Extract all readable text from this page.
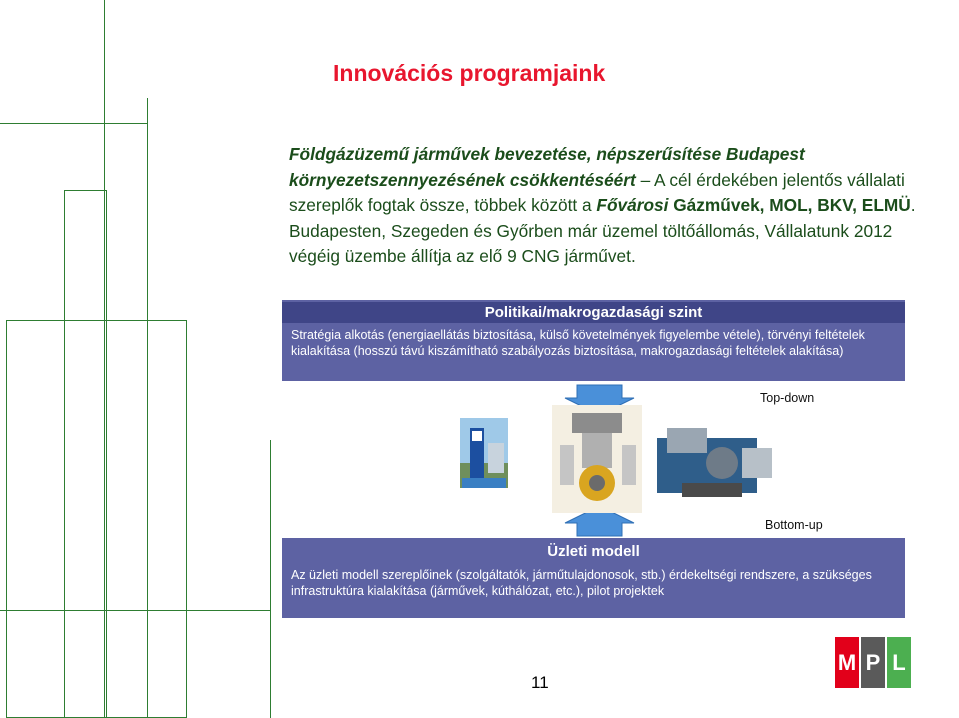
Innovációs programjaink
Földgázüzemű járművek bevezetése, népszerűsítése Budapest környezetszennyezésének csökkentéséért – A cél érdekében jelentős vállalati szereplők fogtak össze, többek között a Fővárosi Gázművek, MOL, BKV, ELMÜ. Budapesten, Szegeden és Győrben már üzemel töltőállomás, Vállalatunk 2012 végéig üzembe állítja az elő 9 CNG járművet.
Politikai/makrogazdasági szint
Stratégia alkotás (energiaellátás biztosítása, külső követelmények figyelembe vétele), törvényi feltételek kialakítása (hosszú távú kiszámítható szabályozás biztosítása, makrogazdasági feltételek alakítása)
Top-down
Bottom-up
Üzleti modell
Az üzleti modell szereplőinek (szolgáltatók, járműtulajdonosok, stb.) érdekeltségi rendszere, a szükséges infrastruktúra kialakítása (járművek, kúthálózat, etc.), pilot projektek
11
M P L
